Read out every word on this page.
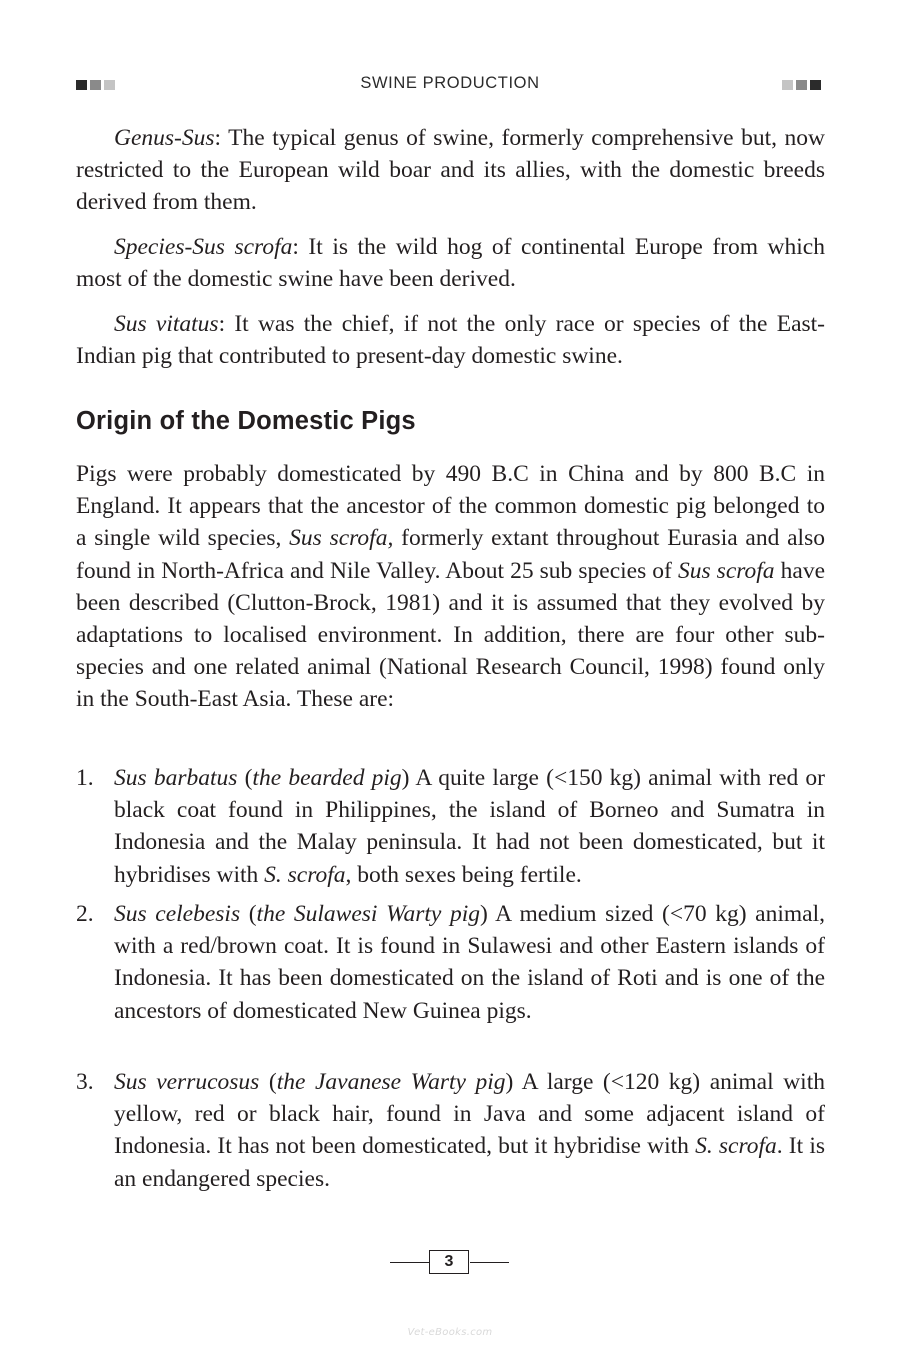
SWINE PRODUCTION

Genus-Sus: The typical genus of swine, formerly comprehensive but, now restricted to the European wild boar and its allies, with the domestic breeds derived from them.

Species-Sus scrofa: It is the wild hog of continental Europe from which most of the domestic swine have been derived.

Sus vitatus: It was the chief, if not the only race or species of the East-Indian pig that contributed to present-day domestic swine.

Origin of the Domestic Pigs

Pigs were probably domesticated by 490 B.C in China and by 800 B.C in England. It appears that the ancestor of the common domestic pig belonged to a single wild species, Sus scrofa, formerly extant throughout Eurasia and also found in North-Africa and Nile Valley. About 25 sub species of Sus scrofa have been described (Clutton-Brock, 1981) and it is assumed that they evolved by adaptations to localised environment. In addition, there are four other sub-species and one related animal (National Research Council, 1998) found only in the South-East Asia. These are:

1. Sus barbatus (the bearded pig) A quite large (<150 kg) animal with red or black coat found in Philippines, the island of Borneo and Sumatra in Indonesia and the Malay peninsula. It had not been domesticated, but it hybridises with S. scrofa, both sexes being fertile.
2. Sus celebesis (the Sulawesi Warty pig) A medium sized (<70 kg) animal, with a red/brown coat. It is found in Sulawesi and other Eastern islands of Indonesia. It has been domesticated on the island of Roti and is one of the ancestors of domesticated New Guinea pigs.
3. Sus verrucosus (the Javanese Warty pig) A large (<120 kg) animal with yellow, red or black hair, found in Java and some adjacent island of Indonesia. It has not been domesticated, but it hybridise with S. scrofa. It is an endangered species.
3
Vet-eBooks.com
